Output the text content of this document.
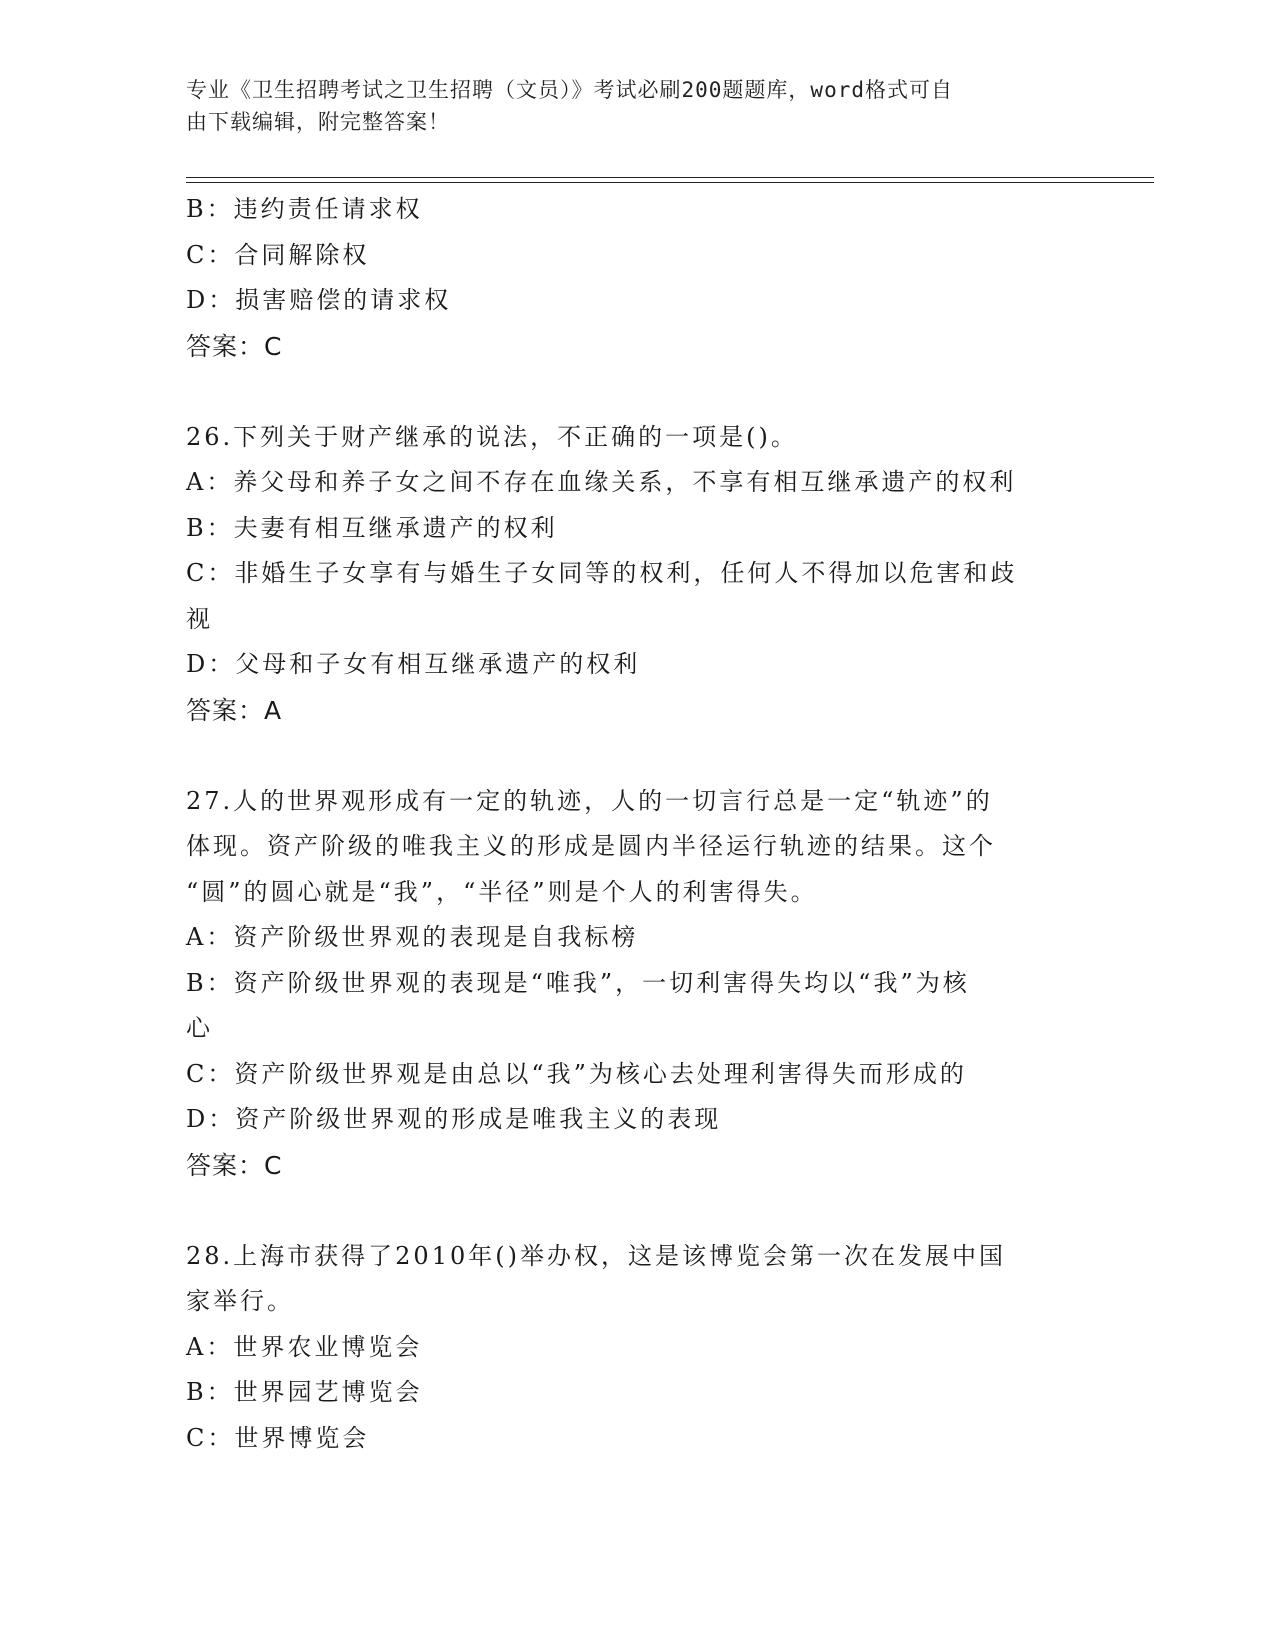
专业《卫生招聘考试之卫生招聘（文员）》考试必刷200题题库，word格式可自
由下载编辑，附完整答案！
B：违约责任请求权
C：合同解除权
D：损害赔偿的请求权
答案：C
26.下列关于财产继承的说法，不正确的一项是()。
A：养父母和养子女之间不存在血缘关系，不享有相互继承遗产的权利
B：夫妻有相互继承遗产的权利
C：非婚生子女享有与婚生子女同等的权利，任何人不得加以危害和歧
视
D：父母和子女有相互继承遗产的权利
答案：A
27.人的世界观形成有一定的轨迹，人的一切言行总是一定“轨迹”的
体现。资产阶级的唯我主义的形成是圆内半径运行轨迹的结果。这个
“圆”的圆心就是“我”，“半径”则是个人的利害得失。
A：资产阶级世界观的表现是自我标榜
B：资产阶级世界观的表现是“唯我”，一切利害得失均以“我”为核
心
C：资产阶级世界观是由总以“我”为核心去处理利害得失而形成的
D：资产阶级世界观的形成是唯我主义的表现
答案：C
28.上海市获得了2010年()举办权，这是该博览会第一次在发展中国
家举行。
A：世界农业博览会
B：世界园艺博览会
C：世界博览会
